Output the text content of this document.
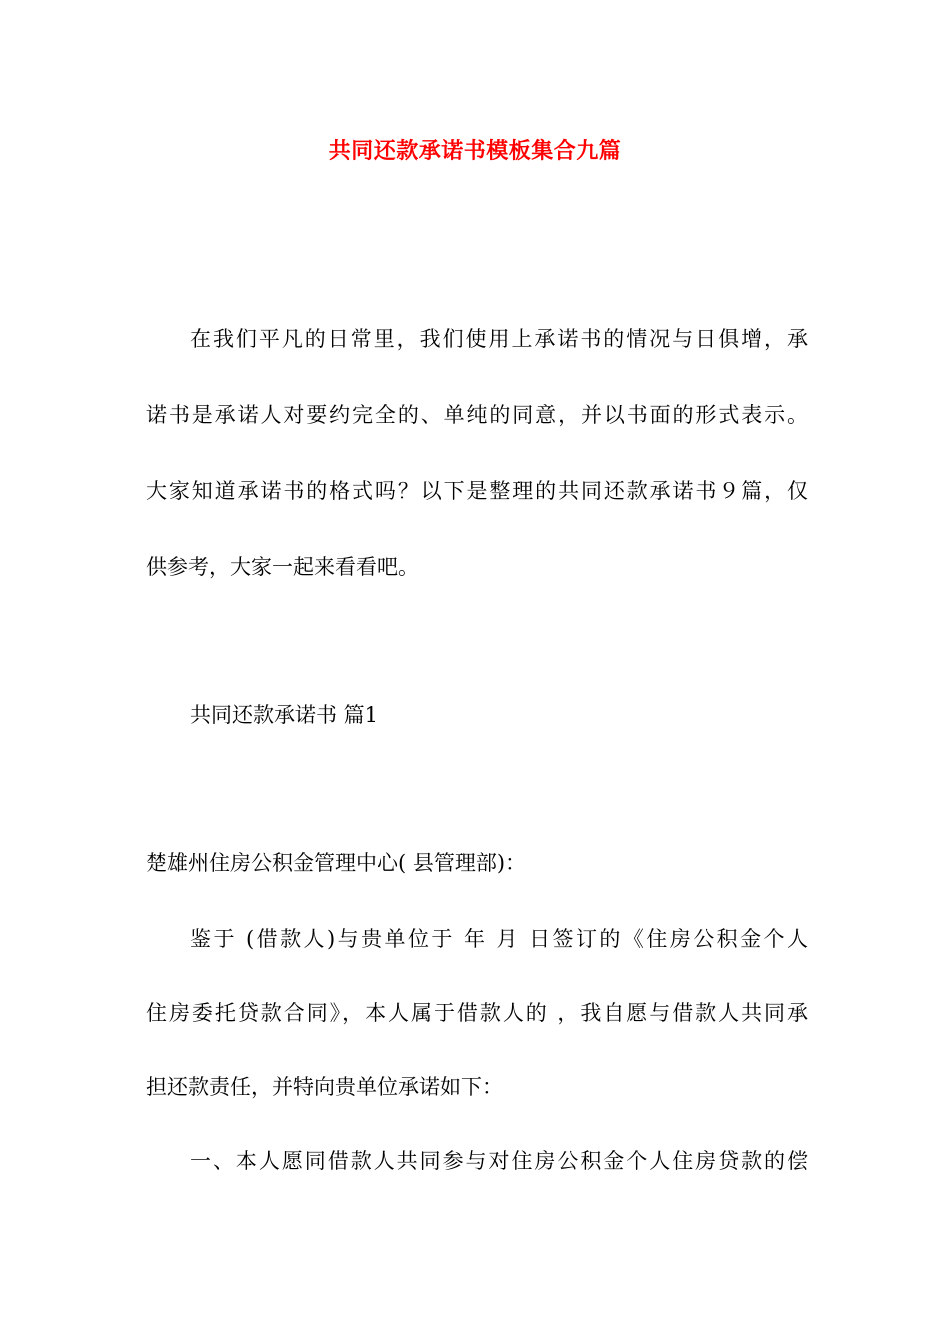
共同还款承诺书模板集合九篇
在我们平凡的日常里，我们使用上承诺书的情况与日俱增，承
诺书是承诺人对要约完全的、单纯的同意，并以书面的形式表示。
大家知道承诺书的格式吗？以下是整理的共同还款承诺书９篇，仅
供参考，大家一起来看看吧。
共同还款承诺书 篇1
楚雄州住房公积金管理中心( 县管理部)：
鉴于 (借款人)与贵单位于 年 月 日签订的《住房公积金个人
住房委托贷款合同》，本人属于借款人的 ，我自愿与借款人共同承
担还款责任，并特向贵单位承诺如下：
一、本人愿同借款人共同参与对住房公积金个人住房贷款的偿
